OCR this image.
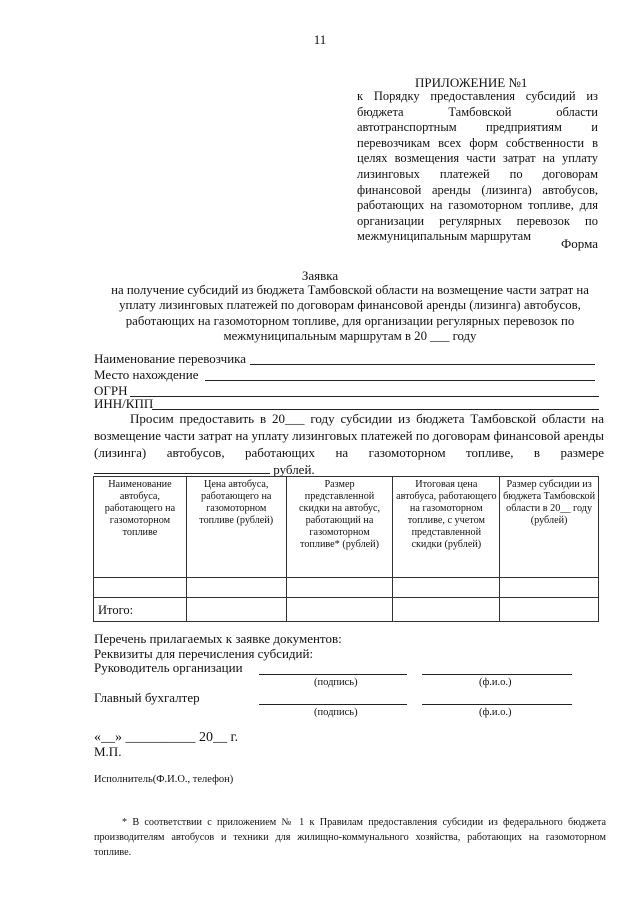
11
ПРИЛОЖЕНИЕ №1
к Порядку предоставления субсидий из бюджета Тамбовской области автотранспортным предприятиям и перевозчикам всех форм собственности в целях возмещения части затрат на уплату лизинговых платежей по договорам финансовой аренды (лизинга) автобусов, работающих на газомоторном топливе, для организации регулярных перевозок по межмуниципальным маршрутам	Форма
Заявка
на получение субсидий из бюджета Тамбовской области на возмещение части затрат на уплату лизинговых платежей по договорам финансовой аренды (лизинга) автобусов, работающих на газомоторном топливе, для организации регулярных перевозок по межмуниципальным маршрутам в 20 ___ году
Наименование перевозчика
Место нахождение
ОГРН
ИНН/КПП
Просим предоставить в 20___ году субсидии из бюджета Тамбовской области на возмещение части затрат на уплату лизинговых платежей по договорам финансовой аренды (лизинга) автобусов, работающих на газомоторном топливе, в размере  рублей.
Наименование автобуса, работающего на газомоторном топливе	Цена автобуса, работающего на газомоторном топливе (рублей)	Размер представленной скидки на автобус, работающий на газомоторном топливе* (рублей)	Итоговая цена автобуса, работающего на газомоторном топливе, с учетом представленной скидки (рублей)	Размер субсидии из бюджета Тамбовской области в 20__ году (рублей)

Итого:				
Перечень прилагаемых к заявке документов:
Реквизиты для перечисления субсидий:
Руководитель организации
(подпись)	(ф.и.о.)
Главный бухгалтер
(подпись)	(ф.и.о.)
«__» __________ 20__ г.
М.П.
Исполнитель(Ф.И.О., телефон)
* В соответствии с приложением № 1 к Правилам предоставления субсидии из федерального бюджета производителям автобусов и техники для жилищно-коммунального хозяйства, работающих на газомоторном топливе.
